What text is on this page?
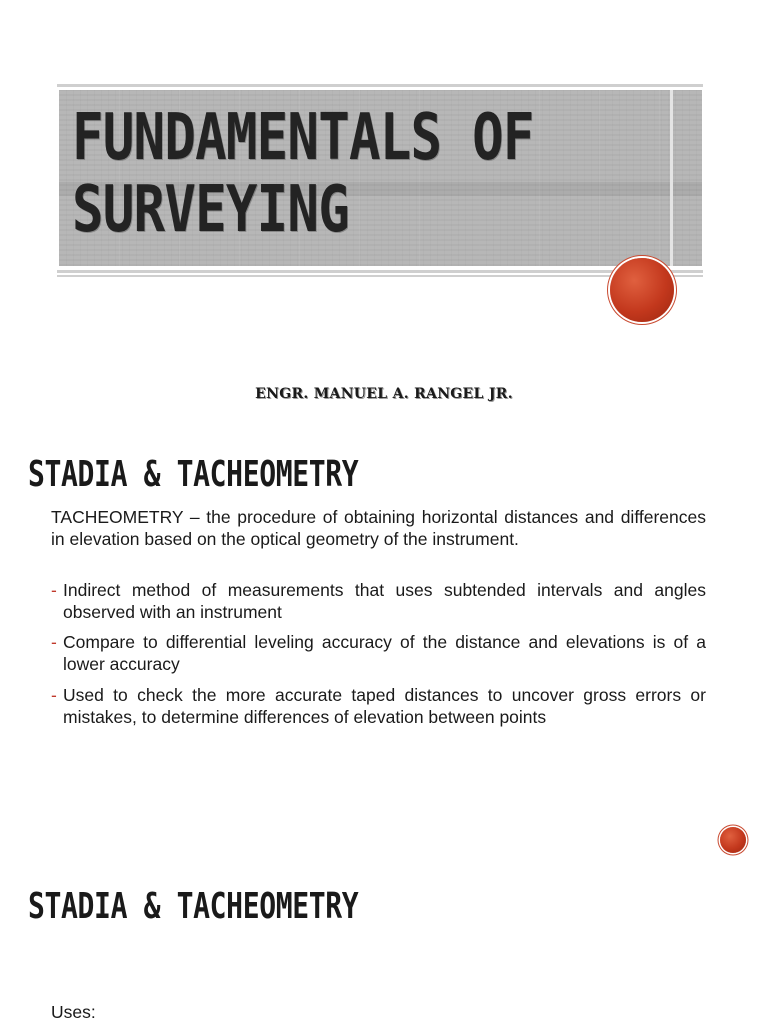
FUNDAMENTALS OF
SURVEYING
ENGR. MANUEL A. RANGEL JR.
STADIA & TACHEOMETRY

TACHEOMETRY – the procedure of obtaining horizontal distances and differences in elevation based on the optical geometry of the instrument.

- Indirect method of measurements that uses subtended intervals and angles observed with an instrument
- Compare to differential leveling accuracy of the distance and elevations is of a lower accuracy
- Used to check the more accurate taped distances to uncover gross errors or mistakes, to determine differences of elevation between points
STADIA & TACHEOMETRY
Uses:
